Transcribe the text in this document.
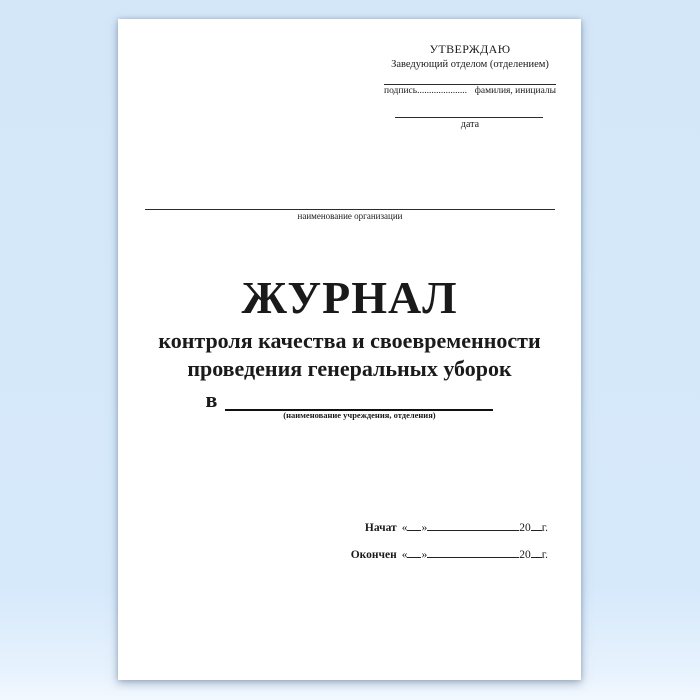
УТВЕРЖДАЮ
Заведующий отделом (отделением)
подпись..................... фамилия, инициалы
дата
наименование организации
ЖУРНАЛ
контроля качества и своевременности
проведения генеральных уборок
в
(наименование учреждения, отделения)
Начат « »	20 г.
Окончен « »	20 г.
